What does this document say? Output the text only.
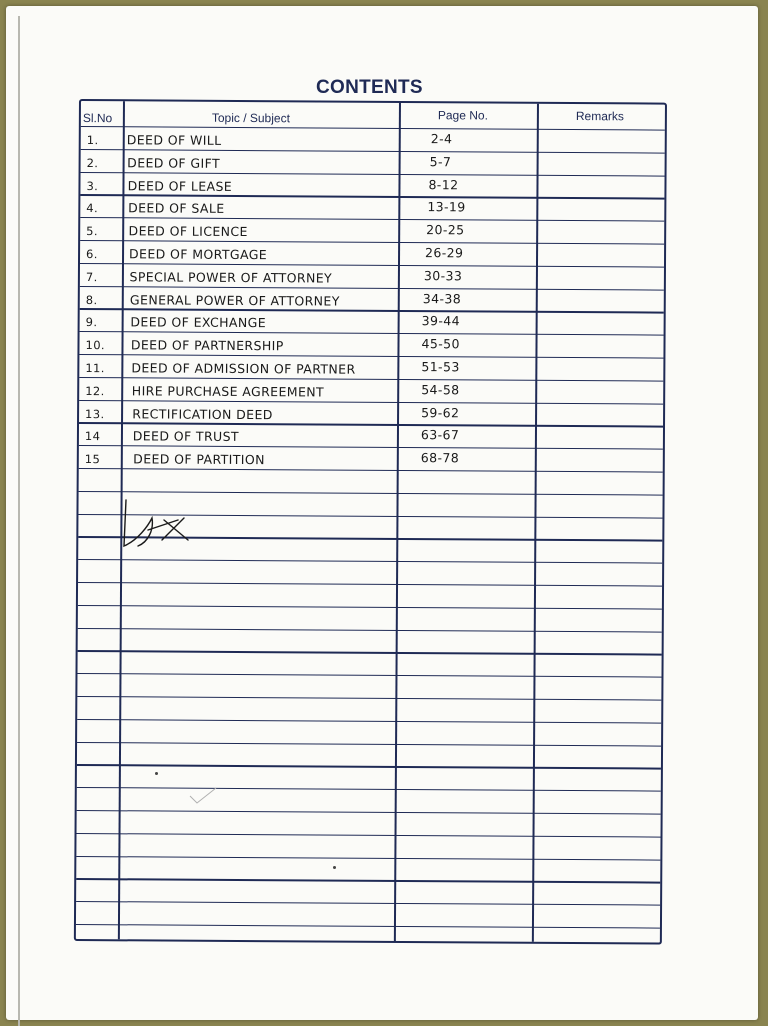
CONTENTS
Sl.No	Topic / Subject	Page No.	Remarks
1. DEED OF WILL	2-4
2. DEED OF GIFT	5-7
3. DEED OF LEASE	8-12
4. DEED OF SALE	13-19
5. DEED OF LICENCE	20-25
6. DEED OF MORTGAGE	26-29
7.	SPECIAL POWER OF ATTORNEY	30-33
8.	GENERAL POWER OF ATTORNEY	34-38
9.	DEED OF EXCHANGE	39-44
10. DEED OF PARTNERSHIP	45-50
11. DEED OF ADMISSION OF PARTNER	51-53
12. HIRE PURCHASE AGREEMENT	54-58
13. RECTIFICATION DEED	59-62
14	DEED OF TRUST	63-67
15	DEED OF PARTITION	68-78
